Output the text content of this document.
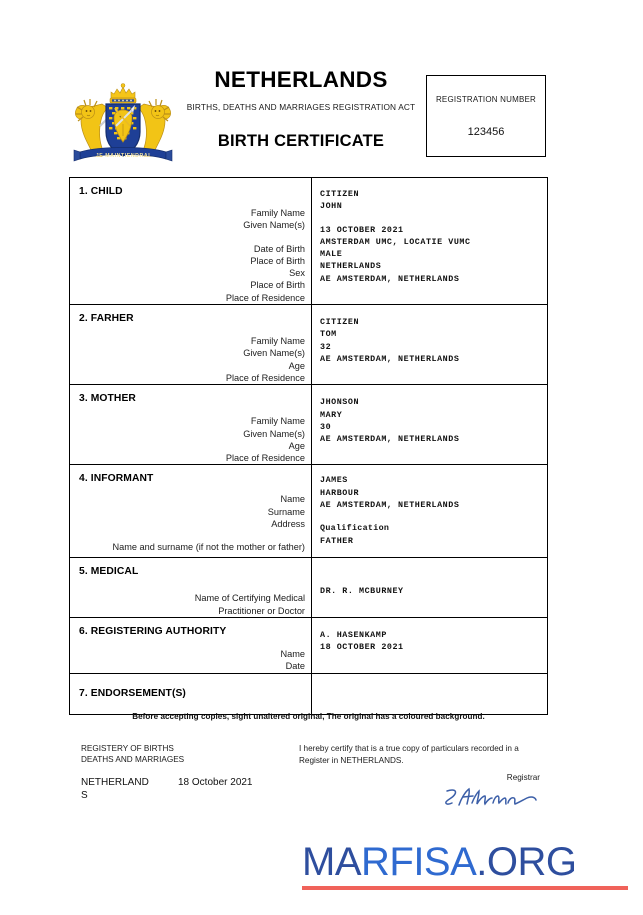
JE MAINTIENDRAI
NETHERLANDS
BIRTHS, DEATHS AND MARRIAGES REGISTRATION ACT
BIRTH CERTIFICATE
REGISTRATION NUMBER
123456
1. CHILD
Family Name
Given Name(s)
Date of Birth
Place of Birth
Sex
Place of Birth
Place of Residence
CITIZEN
JOHN
13 OCTOBER 2021
AMSTERDAM UMC, LOCATIE VUMC
MALE
NETHERLANDS
AE AMSTERDAM, NETHERLANDS
2. FARHER
Family Name
Given Name(s)
Age
Place of Residence
CITIZEN
TOM
32
AE AMSTERDAM, NETHERLANDS
3. MOTHER
Family Name
Given Name(s)
Age
Place of Residence
JHONSON
MARY
30
AE AMSTERDAM, NETHERLANDS
4. INFORMANT
Name
Surname
Address
Name and surname (if not the mother or father)
JAMES
HARBOUR
AE AMSTERDAM, NETHERLANDS
Qualification
FATHER
5. MEDICAL
Name of Certifying Medical
Practitioner or Doctor
DR. R. MCBURNEY
6. REGISTERING AUTHORITY
Name
Date
A. HASENKAMP
18 OCTOBER 2021
7. ENDORSEMENT(S)
Before accepting copies, sight unaltered original, The original has a coloured background.
REGISTERY OF BIRTHS
DEATHS AND MARRIAGES
NETHERLAND
S
18 October 2021
I hereby certify that is a true copy of particulars recorded in a Register in NETHERLANDS.
Registrar
MARFISA.ORG
